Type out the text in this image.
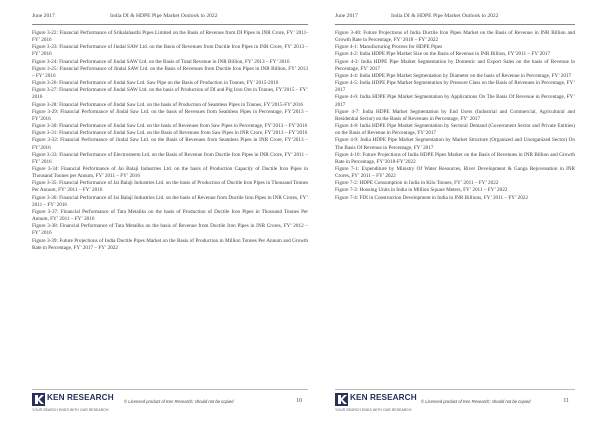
June 2017	India DI & HDPE Pipe Market Outlook to 2022
Figure 3-22: Financial Performance of Srikalahasthi Pipes Limited on the Basis of Revenue from DI Pipes in INR Crore, FY’ 2011-FY’ 2016
Figure 3-23: Financial Performance of Jindal SAW Ltd. on the Basis of Revenues from Ductile Iron Pipes in INR Crore, FY’ 2013 – FY’ 2016
Figure 3-24: Financial Performance of Jindal SAW Ltd. on the Basis of Total Revenue in INR Billion, FY’ 2013 – FY’ 2016
Figure 3-25: Financial Performance of Jindal SAW Ltd. on the Basis of Revenues from Ductile Iron Pipes in INR Billion, FY’ 2013 – FY’ 2016
Figure 3-26: Financial Performance of Jindal Saw Ltd. Saw Pipe on the Basis of Production in Tonnes, FY’ 2015-2016
Figure 3-27: Financial Performance of Jindal SAW Ltd. on the basis of Production of DI and Pig Iron Ore in Tonnes, FY’2015 – FY’ 2016
Figure 3-28: Financial Performance of Jindal Saw Ltd. on the basis of Production of Seamless Pipes in Tonnes, FY’2015-FY’2016
Figure 3-29: Financial Performance of Jindal Saw Ltd. on the basis of Revenues from Seamless Pipes in Percentage, FY’2013 – FY’2016
Figure 3-30: Financial Performance of Jindal Saw Ltd. on the basis of Revenues from Saw Pipes in Percentage, FY’2013 – FY’2016
Figure 3-31: Financial Performance of Jindal Saw Ltd. on the Basis of Revenues from Saw Pipes in INR Crore, FY’2013 – FY’2016
Figure 3-32: Financial Performance of Jindal Saw Ltd. on the Basis of Revenues from Seamless Pipes in INR Crore, FY’2013 – FY’2016
Figure 3-33: Financial Performance of Electrosteem Ltd. on the Basis of Revenue from Ductile Iron Pipes in INR Crore, FY’ 2011 – FY’ 2016
Figure 3-34: Financial Performance of Jai Balaji Industries Ltd. on the basis of Production Capacity of Ductile Iron Pipes in Thousand Tonnes per Annum, FY’ 2011 – FY’ 2016
Figure 3-35: Financial Performance of Jai Balaji Industries Ltd. on the basis of Production of Ductile Iron Pipes in Thousand Tonnes Per Annum, FY’ 2011 – FY’ 2016
Figure 3-36: Financial Performance of Jai Balaji Industries Ltd. on the basis of Revenue from Ductile Iron Pipes in INR Crores, FY’ 2011 – FY’ 2016
Figure 3-37: Financial Performance of Tata Metaliks on the basis of Production of Ductile Iron Pipes in Thousand Tonnes Per Annum, FY’ 2011 – FY’ 2016
Figure 3-38: Financial Performance of Tata Metaliks on the basis of Revenue from Ductile Iron Pipes in INR Crores, FY’ 2012 – FY’ 2016
Figure 3-39: Future Projections of India Ductile Pipes Market on the Basis of Production in Million Tonnes Per Annum and Growth Rate in Percentage, FY’ 2017 – FY’ 2022
KEN RESEARCH
YOUR SEARCH ENDS WITH OUR RESEARCH
© Licensed product of Ken Research; should not be copied	10
June 2017	India DI & HDPE Pipe Market Outlook to 2022
Figure 3-40: Future Projections of India Ductile Iron Pipes Market on the Basis of Revenue in INR Billion and Growth Rate in Percentage, FY’ 2018 – FY’ 2022
Figure 4-1: Manufacturing Process for HDPE Pipes
Figure 4-2: India HDPE Pipe Market Size on the Basis of Revenue in INR Billion, FY’2011 – FY’2017
Figure 4-3: India HDPE Pipe Market Segmentation by Domestic and Export Sales on the basis of Revenue in Percentage, FY’ 2017
Figure 4-4: India HDPE Pipe Market Segmentation by Diameter on the basis of Revenue in Percentage, FY’ 2017
Figure 4-5: India HDPE Pipe Market Segmentation by Pressure Class on the Basis of Revenues in Percentage, FY’ 2017
Figure 4-6: India HDPE Pipe Market Segmentation by Applications On The Basis Of Revenue in Percentage, FY’ 2017
Figure 4-7: India HDPE Market Segmentation by End Users (Industrial and Commercial, Agricultural and Residential Sector) on the Basis of Revenues in Percentage, FY’ 2017
Figure 4-8: India HDPE Pipe Market Segmentation by Sectoral Demand (Government Sector and Private Entities) on the Basis of Revenue in Percentage, FY’2017
Figure 4-9: India HDPE Pipe Market Segmentation by Market Structure (Organized and Unorganized Sector) On The Basis Of Revenue in Percentage, FY’ 2017
Figure 4-10: Future Projections of India HDPE Pipes Market on the Basis of Revenues in INR Billion and Growth Rate in Percentage, FY’2018-FY’2022
Figure 7-1: Expenditure by Ministry Of Water Resources, River Development & Ganga Rejuvenation in INR Crores, FY’ 2011 – FY’ 2022
Figure 7-2: HDPE Consumption in India in Kilo Tonnes, FY’ 2011 – FY’ 2022
Figure 7-3: Housing Units in India in Million Square Meters, FY’ 2011 – FY’ 2022
Figure 7-4: FDI in Construction Development in India in INR Billions, FY’ 2011 – FY’ 2022
KEN RESEARCH
YOUR SEARCH ENDS WITH OUR RESEARCH
© Licensed product of Ken Research; should not be copied	11
